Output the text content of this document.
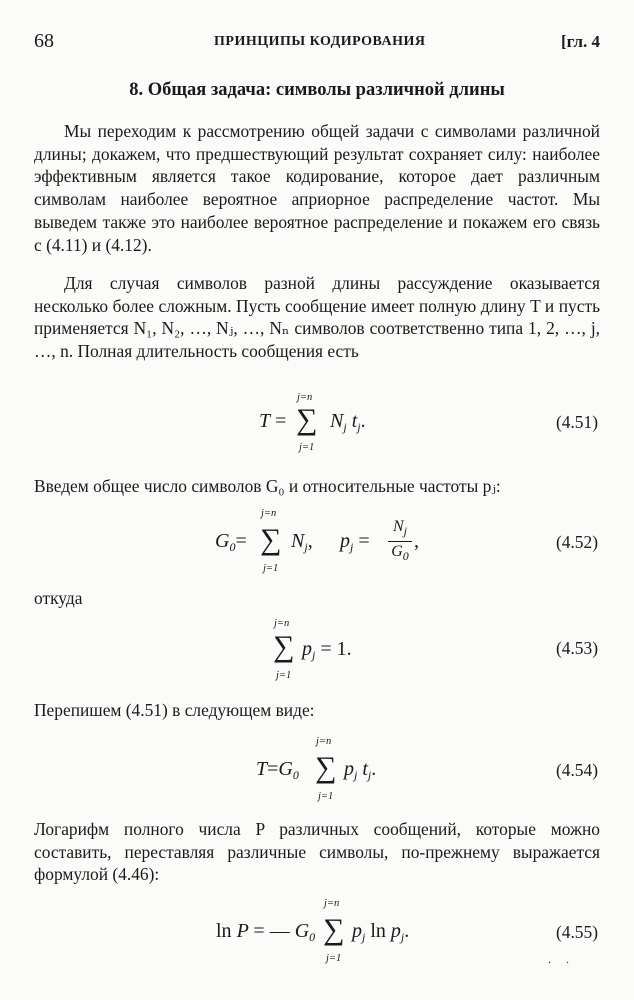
68	ПРИНЦИПЫ КОДИРОВАНИЯ	[гл. 4
8. Общая задача: символы различной длины

Мы переходим к рассмотрению общей задачи с символами различной длины; докажем, что предшествующий результат сохраняет силу: наиболее эффективным является такое кодирование, которое дает различным символам наиболее вероятное априорное распределение частот. Мы выведем также это наиболее вероятное распределение и покажем его связь с (4.11) и (4.12).

Для случая символов разной длины рассуждение оказывается несколько более сложным. Пусть сообщение имеет полную длину T и пусть применяется N₁, N₂, …, Nⱼ, …, Nₙ символов соответственно типа 1, 2, …, j, …, n. Полная длительность сообщения есть

j=n
T = ∑ $N_j$ $t_j$.
j=1
(4.51)
Введем общее число символов G₀ и относительные частоты pⱼ:
j=n
$G_0=$ ∑ $N_j$, $p_j$ =
$N_j$
$G_0$
,
j=1
(4.52)
откуда
j=n
∑ $p_j = 1$.
j=1
(4.53)
Перепишем (4.51) в следующем виде:
j=n
$T=G_0$ ∑ $p_j$ $t_j$.
j=1
(4.54)

Логарифм полного числа P различных сообщений, которые можно составить, переставляя различные символы, по-прежнему выражается формулой (4.46):

j=n
ln P = — $G_0$ ∑ $p_j$ $\ln p_j$.
j=1
(4.55)
. .
